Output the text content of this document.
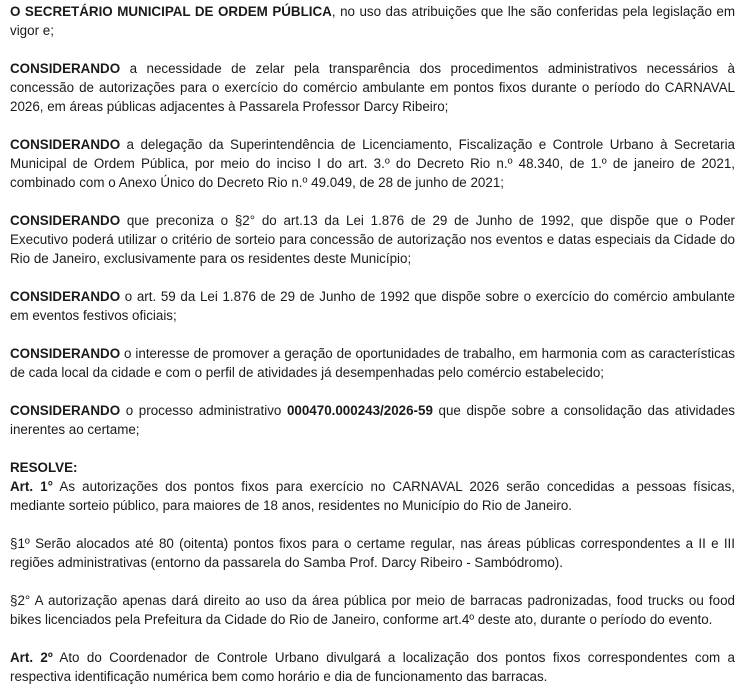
O SECRETÁRIO MUNICIPAL DE ORDEM PÚBLICA, no uso das atribuições que lhe são conferidas pela legislação em vigor e;

CONSIDERANDO a necessidade de zelar pela transparência dos procedimentos administrativos necessários à concessão de autorizações para o exercício do comércio ambulante em pontos fixos durante o período do CARNAVAL 2026, em áreas públicas adjacentes à Passarela Professor Darcy Ribeiro;

CONSIDERANDO a delegação da Superintendência de Licenciamento, Fiscalização e Controle Urbano à Secretaria Municipal de Ordem Pública, por meio do inciso I do art. 3.º do Decreto Rio n.º 48.340, de 1.º de janeiro de 2021, combinado com o Anexo Único do Decreto Rio n.º 49.049, de 28 de junho de 2021;

CONSIDERANDO que preconiza o §2° do art.13 da Lei 1.876 de 29 de Junho de 1992, que dispõe que o Poder Executivo poderá utilizar o critério de sorteio para concessão de autorização nos eventos e datas especiais da Cidade do Rio de Janeiro, exclusivamente para os residentes deste Município;

CONSIDERANDO o art. 59 da Lei 1.876 de 29 de Junho de 1992 que dispõe sobre o exercício do comércio ambulante em eventos festivos oficiais;

CONSIDERANDO o interesse de promover a geração de oportunidades de trabalho, em harmonia com as características de cada local da cidade e com o perfil de atividades já desempenhadas pelo comércio estabelecido;

CONSIDERANDO o processo administrativo 000470.000243/2026-59 que dispõe sobre a consolidação das atividades inerentes ao certame;

RESOLVE:

Art. 1° As autorizações dos pontos fixos para exercício no CARNAVAL 2026 serão concedidas a pessoas físicas, mediante sorteio público, para maiores de 18 anos, residentes no Município do Rio de Janeiro.

§1º Serão alocados até 80 (oitenta) pontos fixos para o certame regular, nas áreas públicas correspondentes a II e III regiões administrativas (entorno da passarela do Samba Prof. Darcy Ribeiro - Sambódromo).

§2° A autorização apenas dará direito ao uso da área pública por meio de barracas padronizadas, food trucks ou food bikes licenciados pela Prefeitura da Cidade do Rio de Janeiro, conforme art.4º deste ato, durante o período do evento.

Art. 2º Ato do Coordenador de Controle Urbano divulgará a localização dos pontos fixos correspondentes com a respectiva identificação numérica bem como horário e dia de funcionamento das barracas.
